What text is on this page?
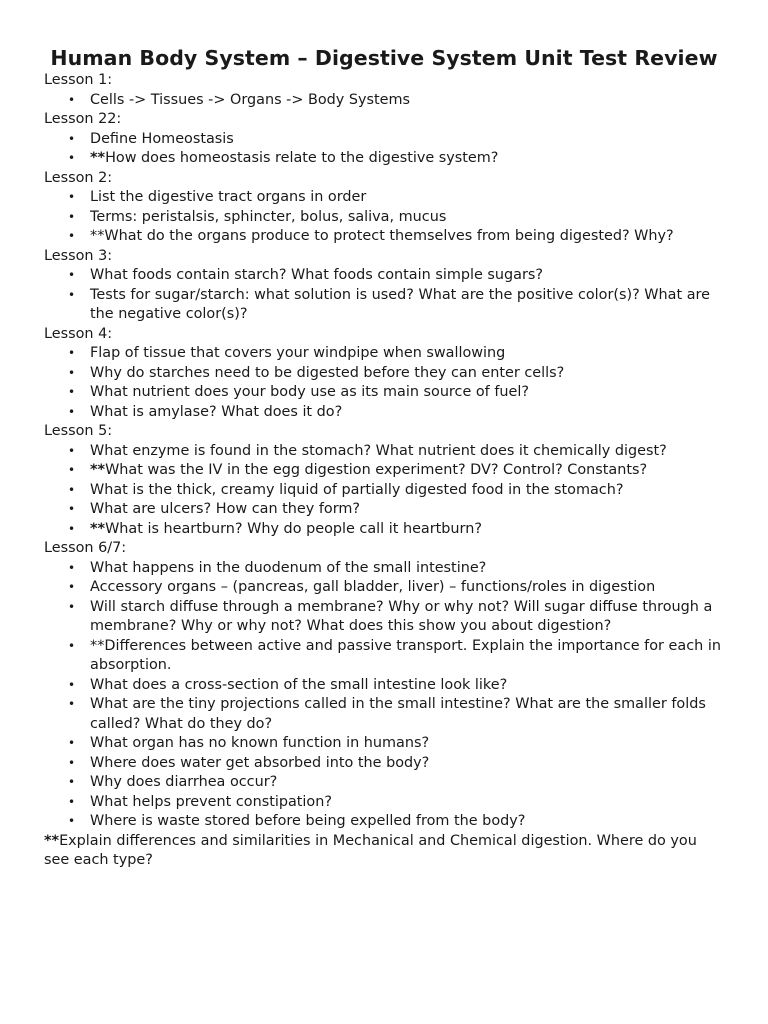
Human Body System – Digestive System Unit Test Review

Lesson 1:

• Cells -> Tissues -> Organs -> Body Systems

Lesson 22:

• Define Homeostasis
• **How does homeostasis relate to the digestive system?

Lesson 2:

• List the digestive tract organs in order
• Terms: peristalsis, sphincter, bolus, saliva, mucus
• **What do the organs produce to protect themselves from being digested? Why?

Lesson 3:

• What foods contain starch? What foods contain simple sugars?
• Tests for sugar/starch: what solution is used? What are the positive color(s)? What are the negative color(s)?

Lesson 4:

• Flap of tissue that covers your windpipe when swallowing
• Why do starches need to be digested before they can enter cells?
• What nutrient does your body use as its main source of fuel?
• What is amylase? What does it do?

Lesson 5:

• What enzyme is found in the stomach? What nutrient does it chemically digest?
• **What was the IV in the egg digestion experiment? DV? Control? Constants?
• What is the thick, creamy liquid of partially digested food in the stomach?
• What are ulcers? How can they form?
• **What is heartburn? Why do people call it heartburn?

Lesson 6/7:

• What happens in the duodenum of the small intestine?
• Accessory organs – (pancreas, gall bladder, liver) – functions/roles in digestion
• Will starch diffuse through a membrane? Why or why not? Will sugar diffuse through a membrane? Why or why not? What does this show you about digestion?
• **Differences between active and passive transport. Explain the importance for each in absorption.
• What does a cross-section of the small intestine look like?
• What are the tiny projections called in the small intestine? What are the smaller folds called? What do they do?
• What organ has no known function in humans?
• Where does water get absorbed into the body?
• Why does diarrhea occur?
• What helps prevent constipation?
• Where is waste stored before being expelled from the body?

**Explain differences and similarities in Mechanical and Chemical digestion. Where do you see each type?
